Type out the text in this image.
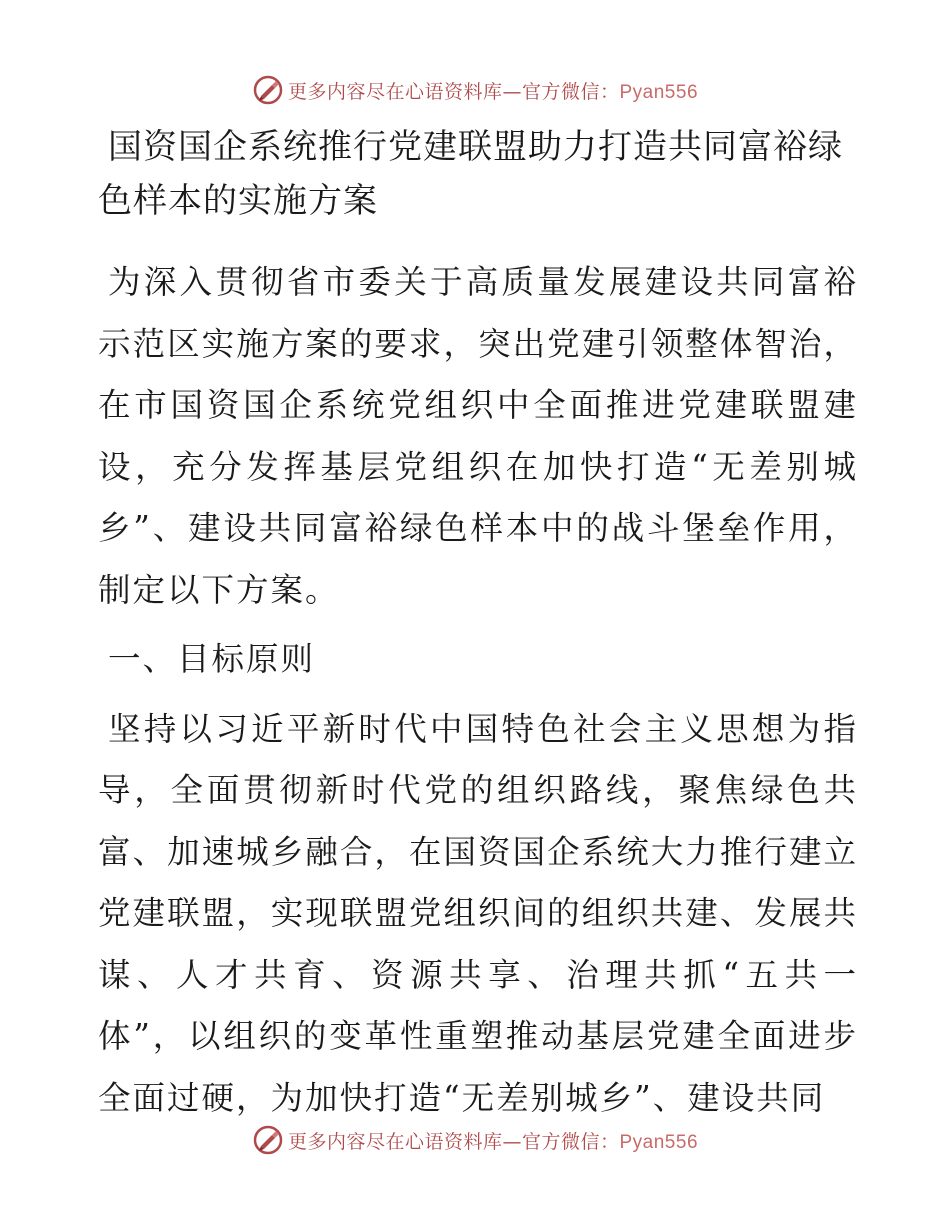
更多内容尽在心语资料库—官方微信：Pyan556
国资国企系统推行党建联盟助力打造共同富裕绿色样本的实施方案

为深入贯彻省市委关于高质量发展建设共同富裕示范区实施方案的要求，突出党建引领整体智治，在市国资国企系统党组织中全面推进党建联盟建设，充分发挥基层党组织在加快打造“无差别城乡”、建设共同富裕绿色样本中的战斗堡垒作用，制定以下方案。

一、目标原则

坚持以习近平新时代中国特色社会主义思想为指导，全面贯彻新时代党的组织路线，聚焦绿色共富、加速城乡融合，在国资国企系统大力推行建立党建联盟，实现联盟党组织间的组织共建、发展共谋、人才共育、资源共享、治理共抓“五共一体”，以组织的变革性重塑推动基层党建全面进步全面过硬，为加快打造“无差别城乡”、建设共同

更多内容尽在心语资料库—官方微信：Pyan556
